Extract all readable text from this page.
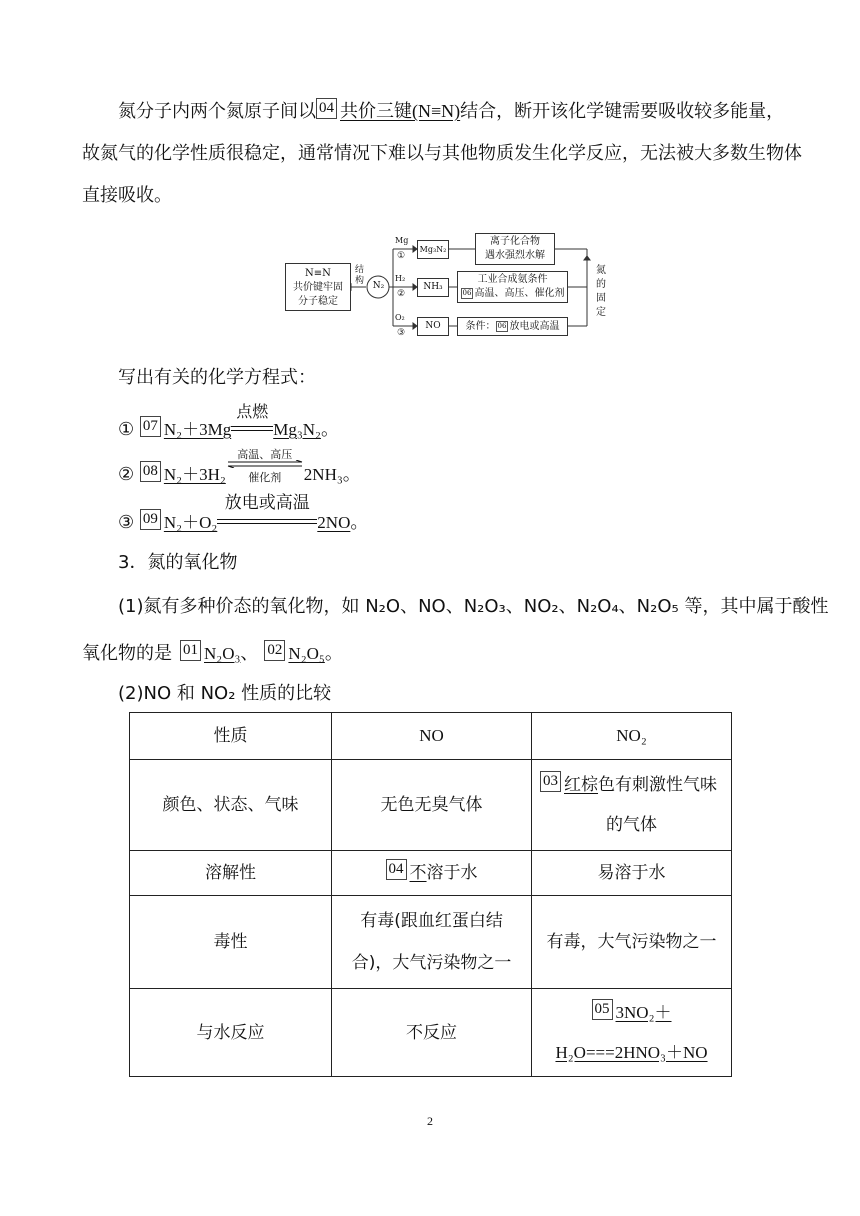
氮分子内两个氮原子间以 04 共价三键(N≡N)结合，断开该化学键需要吸收较多能量，
故氮气的化学性质很稳定，通常情况下难以与其他物质发生化学反应，无法被大多数生物体
直接吸收。
N≡N
共价键牢固
分子稳定
结构 N₂
Mg
①
Mg₃N₂
离子化合物
遇水强烈水解
H₂
②
NH₃
工业合成氨条件
06 高温、高压、催化剂
O₂
③
NO	条件： 06 放电或高温
氮
的
固
定
写出有关的化学方程式：
① 07 N₂＋3Mg
点燃
Mg₃N₂。
② 08 N₂＋3H₂
高温、高压
催化剂	2NH₃。
③ 09 N₂＋O₂
放电或高温
2NO。
3．氮的氧化物
(1)氮有多种价态的氧化物，如 N₂O、NO、N₂O₃、NO₂、N₂O₄、N₂O₅ 等，其中属于酸性
氧化物的是 01 N₂O₃、 02 N₂O₅。
(2)NO 和 NO₂ 性质的比较
性质	NO	NO₂
颜色、状态、气味	无色无臭气体	03 红棕色有刺激性气味
的气体

溶解性	04 不溶于水	易溶于水
毒性	有毒(跟血红蛋白结
合)，大气污染物之一	有毒，大气污染物之一
与水反应	不反应	05 3NO₂＋
H₂O===2HNO₃＋NO
2
